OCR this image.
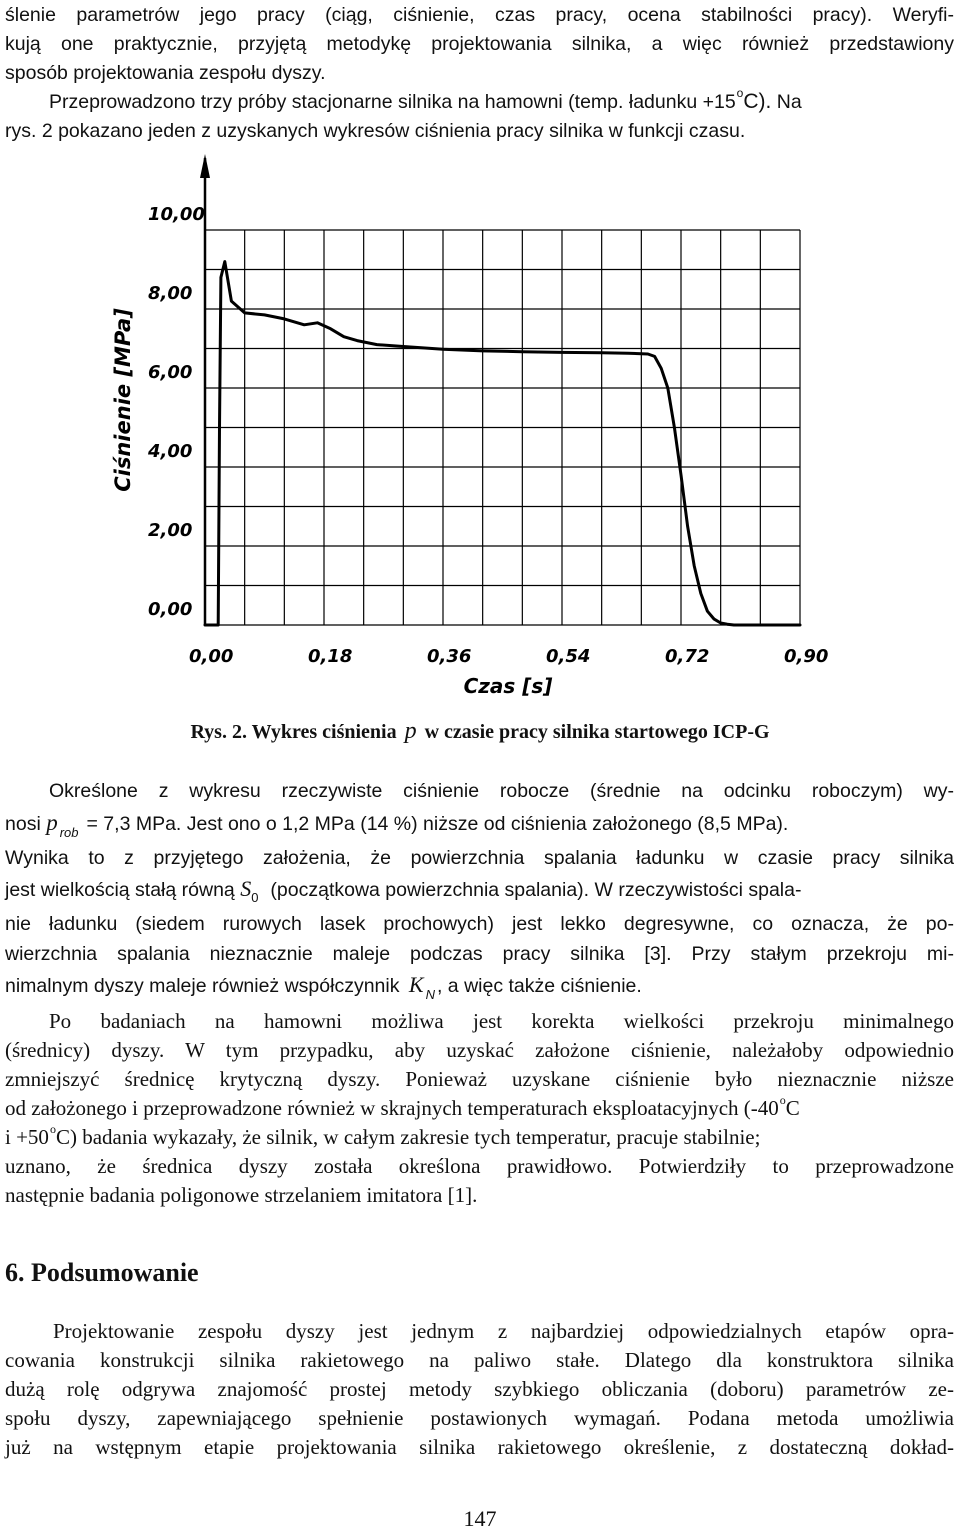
ślenie parametrów jego pracy (ciąg, ciśnienie, czas pracy, ocena stabilności pracy). Weryfi-
kują one praktycznie, przyjętą metodykę projektowania silnika, a więc również przedstawiony
sposób projektowania zespołu dyszy.
Przeprowadzono trzy próby stacjonarne silnika na hamowni (temp. ładunku $+15^oC$). Na
rys. 2 pokazano jeden z uzyskanych wykresów ciśnienia pracy silnika w funkcji czasu.
0,00
2,00
4,00
6,00
8,00
10,00
0,00	0,18	0,36	0,54	0,72	0,90
Ciśnienie [MPa]
Czas [s]
Rys. 2. Wykres ciśnienia p w czasie pracy silnika startowego ICP-G
Określone z wykresu rzeczywiste ciśnienie robocze (średnie na odcinku roboczym) wy-
nosi p $_{rob}$ = 7,3 MPa. Jest ono o 1,2 MPa (14 %) niższe od ciśnienia założonego (8,5 MPa).
Wynika to z przyjętego założenia, że powierzchnia spalania ładunku w czasie pracy silnika
jest wielkością stałą równą $S_0$ (początkowa powierzchnia spalania). W rzeczywistości spala-
nie ładunku (siedem rurowych lasek prochowych) jest lekko degresywne, co oznacza, że po-
wierzchnia spalania nieznacznie maleje podczas pracy silnika [3]. Przy stałym przekroju mi-
nimalnym dyszy maleje również współczynnik K $_N$ , a więc także ciśnienie.
Po badaniach na hamowni możliwa jest korekta wielkości przekroju minimalnego
(średnicy) dyszy. W tym przypadku, aby uzyskać założone ciśnienie, należałoby odpowiednio
zmniejszyć średnicę krytyczną dyszy. Ponieważ uzyskane ciśnienie było nieznacznie niższe
od założonego i przeprowadzone również w skrajnych temperaturach eksploatacyjnych (-40$^o$C
$i +50^oC$) badania wykazały, że silnik, w całym zakresie tych temperatur, pracuje stabilnie;
uznano, że średnica dyszy została określona prawidłowo. Potwierdziły to przeprowadzone
następnie badania poligonowe strzelaniem imitatora [1].
6. Podsumowanie
Projektowanie zespołu dyszy jest jednym z najbardziej odpowiedzialnych etapów opra-
cowania konstrukcji silnika rakietowego na paliwo stałe. Dlatego dla konstruktora silnika
dużą rolę odgrywa znajomość prostej metody szybkiego obliczania (doboru) parametrów ze-
społu dyszy, zapewniającego spełnienie postawionych wymagań. Podana metoda umożliwia
już na wstępnym etapie projektowania silnika rakietowego określenie, z dostateczną dokład-
147
